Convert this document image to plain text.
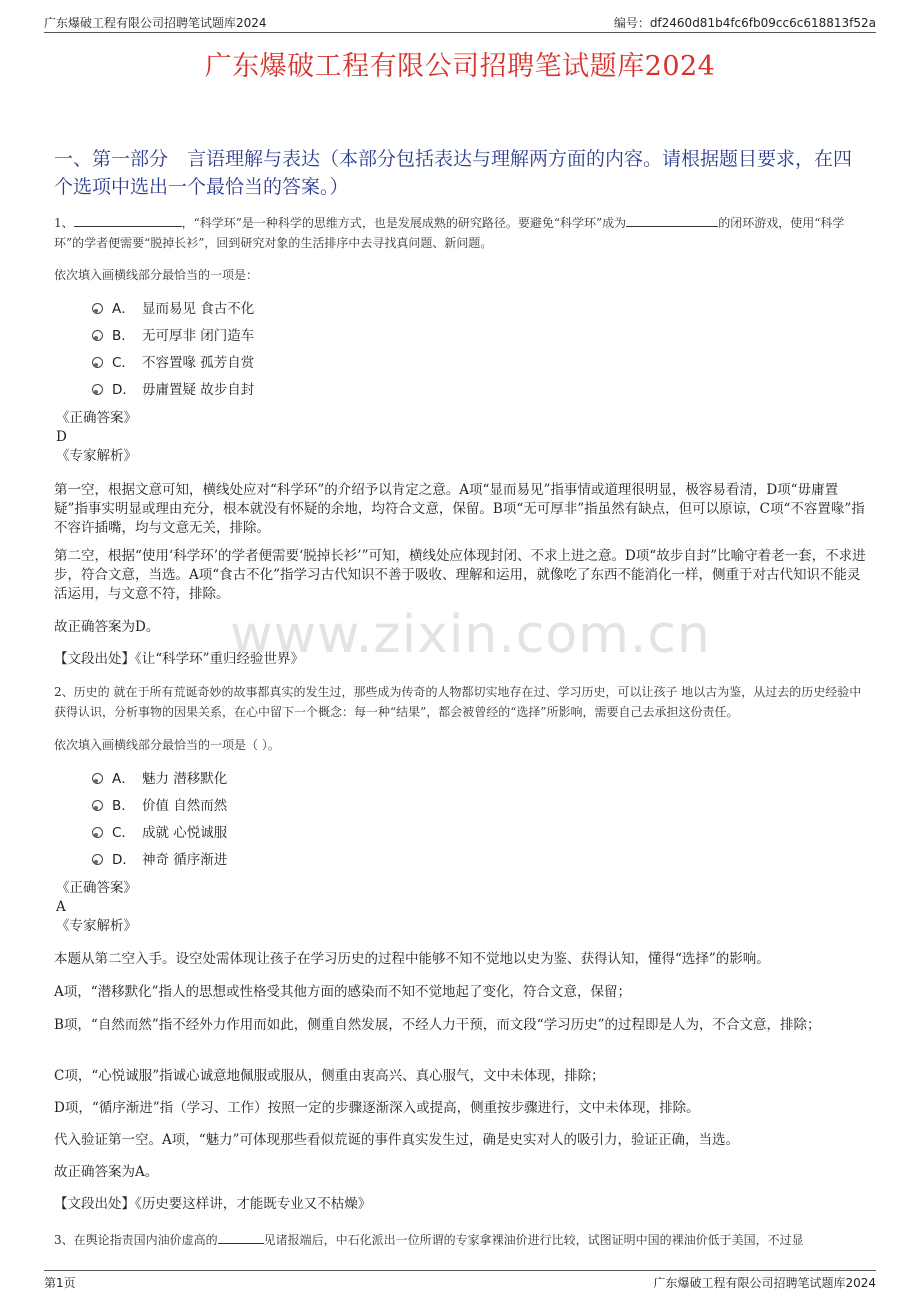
广东爆破工程有限公司招聘笔试题库2024	编号：df2460d81b4fc6fb09cc6c618813f52a
广东爆破工程有限公司招聘笔试题库2024
一、第一部分　言语理解与表达（本部分包括表达与理解两方面的内容。请根据题目要求，在四个选项中选出一个最恰当的答案。）
1、	，“科学环”是一种科学的思维方式，也是发展成熟的研究路径。要避免“科学环”成为	的闭环游戏，使用“科学环”的学者便需要“脱掉长衫”，回到研究对象的生活排序中去寻找真问题、新问题。
依次填入画横线部分最恰当的一项是：
A． 显而易见 食古不化
B． 无可厚非 闭门造车
C． 不容置喙 孤芳自赏
D． 毋庸置疑 故步自封
《正确答案》
D
《专家解析》
第一空，根据文意可知，横线处应对“科学环”的介绍予以肯定之意。A项“显而易见”指事情或道理很明显，极容易看清，D项“毋庸置疑”指事实明显或理由充分，根本就没有怀疑的余地，均符合文意，保留。B项“无可厚非”指虽然有缺点，但可以原谅，C项“不容置喙”指不容许插嘴，均与文意无关，排除。
第二空，根据“使用‘科学环’的学者便需要‘脱掉长衫’”可知，横线处应体现封闭、不求上进之意。D项“故步自封”比喻守着老一套，不求进步，符合文意，当选。A项“食古不化”指学习古代知识不善于吸收、理解和运用，就像吃了东西不能消化一样，侧重于对古代知识不能灵活运用，与文意不符，排除。
故正确答案为D。
【文段出处】《让“科学环”重归经验世界》
www.zixin.com.cn
2、历史的 就在于所有荒诞奇妙的故事都真实的发生过，那些成为传奇的人物都切实地存在过、学习历史，可以让孩子 地以古为鉴，从过去的历史经验中获得认识，分析事物的因果关系，在心中留下一个概念：每一种“结果”，都会被曾经的“选择”所影响，需要自己去承担这份责任。
依次填入画横线部分最恰当的一项是（ ）。
A． 魅力 潜移默化
B． 价值 自然而然
C． 成就 心悦诚服
D． 神奇 循序渐进
《正确答案》
A
《专家解析》
本题从第二空入手。设空处需体现让孩子在学习历史的过程中能够不知不觉地以史为鉴、获得认知，懂得“选择”的影响。
A项，“潜移默化”指人的思想或性格受其他方面的感染而不知不觉地起了变化，符合文意，保留；
B项，“自然而然”指不经外力作用而如此，侧重自然发展，不经人力干预，而文段“学习历史”的过程即是人为，不合文意，排除；
C项，“心悦诚服”指诚心诚意地佩服或服从，侧重由衷高兴、真心服气，文中未体现，排除；
D项，“循序渐进”指（学习、工作）按照一定的步骤逐渐深入或提高，侧重按步骤进行，文中未体现，排除。
代入验证第一空。A项，“魅力”可体现那些看似荒诞的事件真实发生过，确是史实对人的吸引力，验证正确，当选。
故正确答案为A。
【文段出处】《历史要这样讲，才能既专业又不枯燥》
3、在舆论指责国内油价虚高的	见诸报端后，中石化派出一位所谓的专家拿裸油价进行比较，试图证明中国的裸油价低于美国，不过显
第1页	广东爆破工程有限公司招聘笔试题库2024
